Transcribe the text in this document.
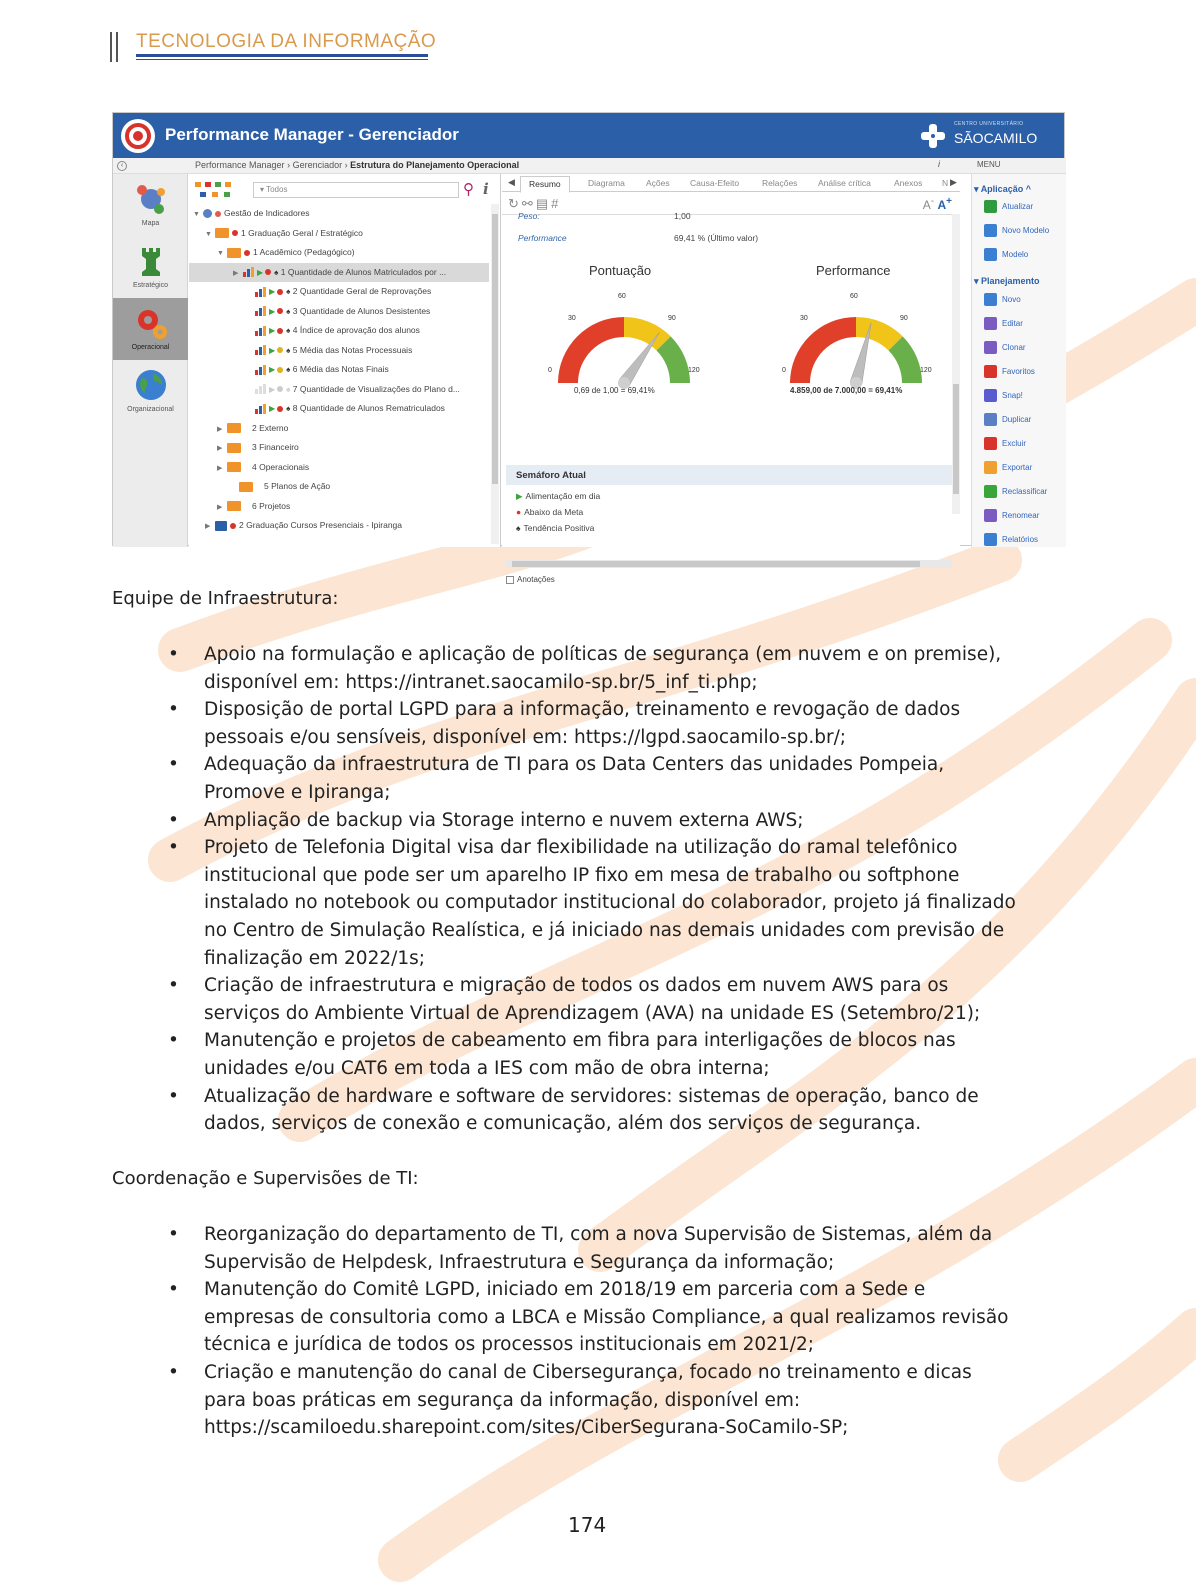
TECNOLOGIA DA INFORMAÇÃO
Performance Manager - Gerenciador
CENTRO UNIVERSITÁRIO
SÃOCAMILO
‹	Performance Manager › Gerenciador › Estrutura do Planejamento Operacional	i	MENU
Mapa
Estratégico
Operacional
Organizacional
▾ Todos	⚲ i
▼	Gestão de Indicadores
▼	1 Graduação Geral / Estratégico
▼	1 Acadêmico (Pedagógico)
▶ ▶ ♠ 1 Quantidade de Alunos Matriculados por ...
▶ ♠ 2 Quantidade Geral de Reprovações
▶ ♠ 3 Quantidade de Alunos Desistentes
▶ ♠ 4 Índice de aprovação dos alunos
▶ ♠ 5 Média das Notas Processuais
▶ ♠ 6 Média das Notas Finais
▶ ♠ 7 Quantidade de Visualizações do Plano d...
▶ ♠ 8 Quantidade de Alunos Rematriculados
▶	2 Externo
▶	3 Financeiro
▶	4 Operacionais
5 Planos de Ação
▶	6 Projetos
▶	2 Graduação Cursos Presenciais - Ipiranga
◀	▶
Resumo	Diagrama Ações Causa-Efeito	Relações Análise crítica	Anexos N
↻⚯▤#	A- A+
Peso:	1,00
Performance	69,41 % (Último valor)
Pontuação
60
30	90
0	120
0,69 de 1,00 = 69,41%
Performance
60
30	90
0	120
4.859,00 de 7.000,00 = 69,41%
Semáforo Atual
▶ Alimentação em dia
● Abaixo da Meta
♠ Tendência Positiva
Anotações
▾ Aplicação ^
▾ Planejamento
Atualizar
Novo Modelo
Modelo
Novo
Editar
Clonar
Favoritos
Snap!
Duplicar
Excluir
Exportar
Reclassificar
Renomear
Relatórios
Equipe de Infraestrutura:
• Apoio na formulação e aplicação de políticas de segurança (em nuvem e on premise), disponível em: https://intranet.saocamilo-sp.br/5_inf_ti.php;
• Disposição de portal LGPD para a informação, treinamento e revogação de dados pessoais e/ou sensíveis, disponível em: https://lgpd.saocamilo-sp.br/;
• Adequação da infraestrutura de TI para os Data Centers das unidades Pompeia, Promove e Ipiranga;
• Ampliação de backup via Storage interno e nuvem externa AWS;
• Projeto de Telefonia Digital visa dar flexibilidade na utilização do ramal telefônico institucional que pode ser um aparelho IP fixo em mesa de trabalho ou softphone instalado no notebook ou computador institucional do colaborador, projeto já finalizado no Centro de Simulação Realística, e já iniciado nas demais unidades com previsão de finalização em 2022/1s;
• Criação de infraestrutura e migração de todos os dados em nuvem AWS para os serviços do Ambiente Virtual de Aprendizagem (AVA) na unidade ES (Setembro/21);
• Manutenção e projetos de cabeamento em fibra para interligações de blocos nas unidades e/ou CAT6 em toda a IES com mão de obra interna;
• Atualização de hardware e software de servidores: sistemas de operação, banco de dados, serviços de conexão e comunicação, além dos serviços de segurança.
Coordenação e Supervisões de TI:
• Reorganização do departamento de TI, com a nova Supervisão de Sistemas, além da Supervisão de Helpdesk, Infraestrutura e Segurança da informação;
• Manutenção do Comitê LGPD, iniciado em 2018/19 em parceria com a Sede e empresas de consultoria como a LBCA e Missão Compliance, a qual realizamos revisão técnica e jurídica de todos os processos institucionais em 2021/2;
• Criação e manutenção do canal de Cibersegurança, focado no treinamento e dicas para boas práticas em segurança da informação, disponível em: https://scamiloedu.sharepoint.com/sites/CiberSegurana-SoCamilo-SP;
174
